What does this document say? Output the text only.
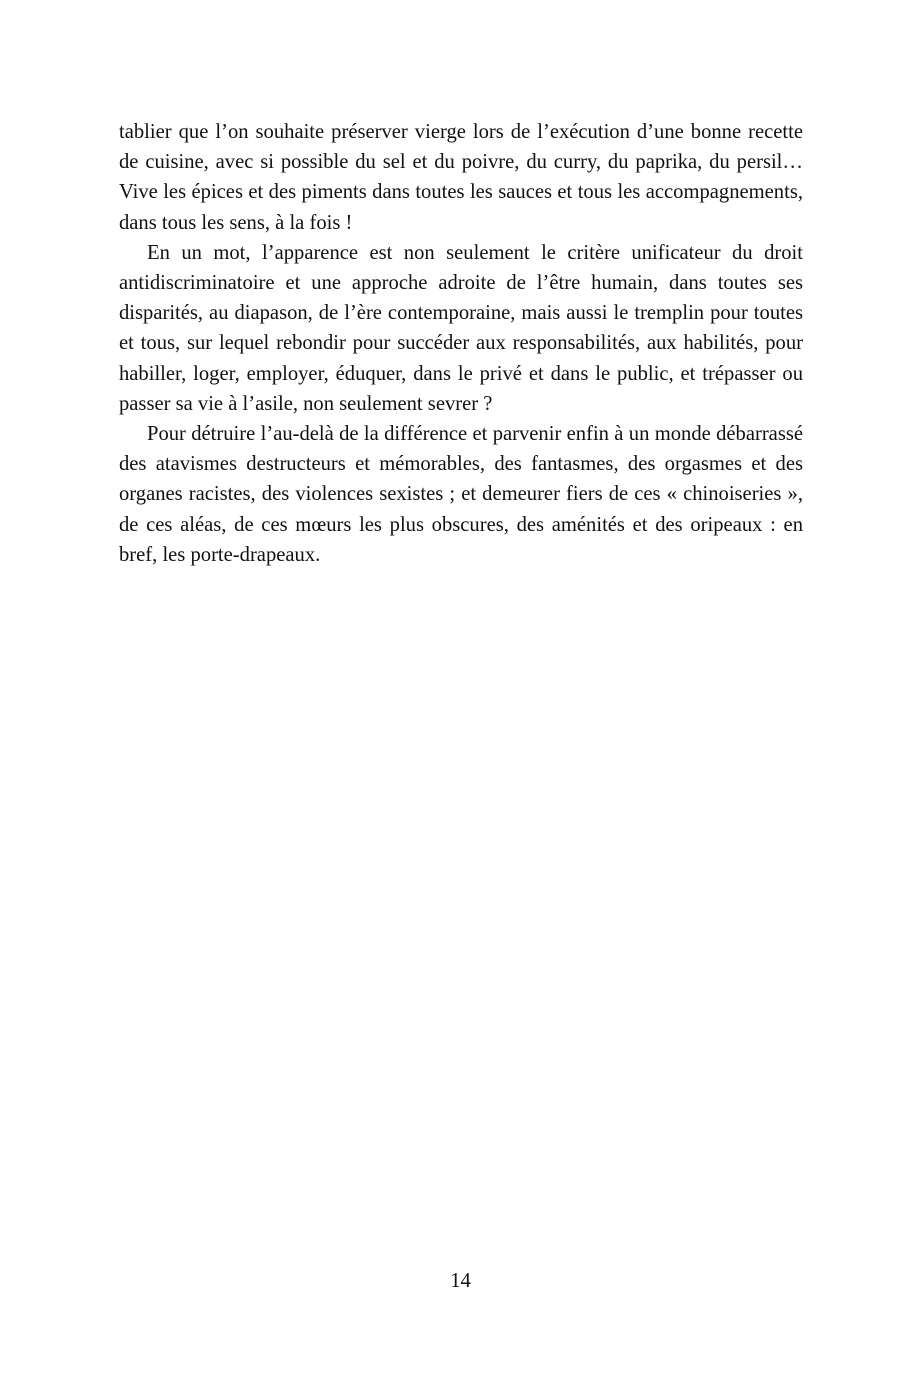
tablier que l’on souhaite préserver vierge lors de l’exécution d’une bonne recette de cuisine, avec si possible du sel et du poivre, du curry, du paprika, du persil… Vive les épices et des piments dans toutes les sauces et tous les accompagnements, dans tous les sens, à la fois !

En un mot, l’apparence est non seulement le critère unificateur du droit antidiscriminatoire et une approche adroite de l’être humain, dans toutes ses disparités, au diapason, de l’ère contemporaine, mais aussi le tremplin pour toutes et tous, sur lequel rebondir pour succéder aux responsabilités, aux habilités, pour habiller, loger, employer, éduquer, dans le privé et dans le public, et trépasser ou passer sa vie à l’asile, non seulement sevrer ?

Pour détruire l’au-delà de la différence et parvenir enfin à un monde débarrassé des atavismes destructeurs et mémorables, des fantasmes, des orgasmes et des organes racistes, des violences sexistes ; et demeurer fiers de ces « chinoiseries », de ces aléas, de ces mœurs les plus obscures, des aménités et des oripeaux : en bref, les porte-drapeaux.

14
